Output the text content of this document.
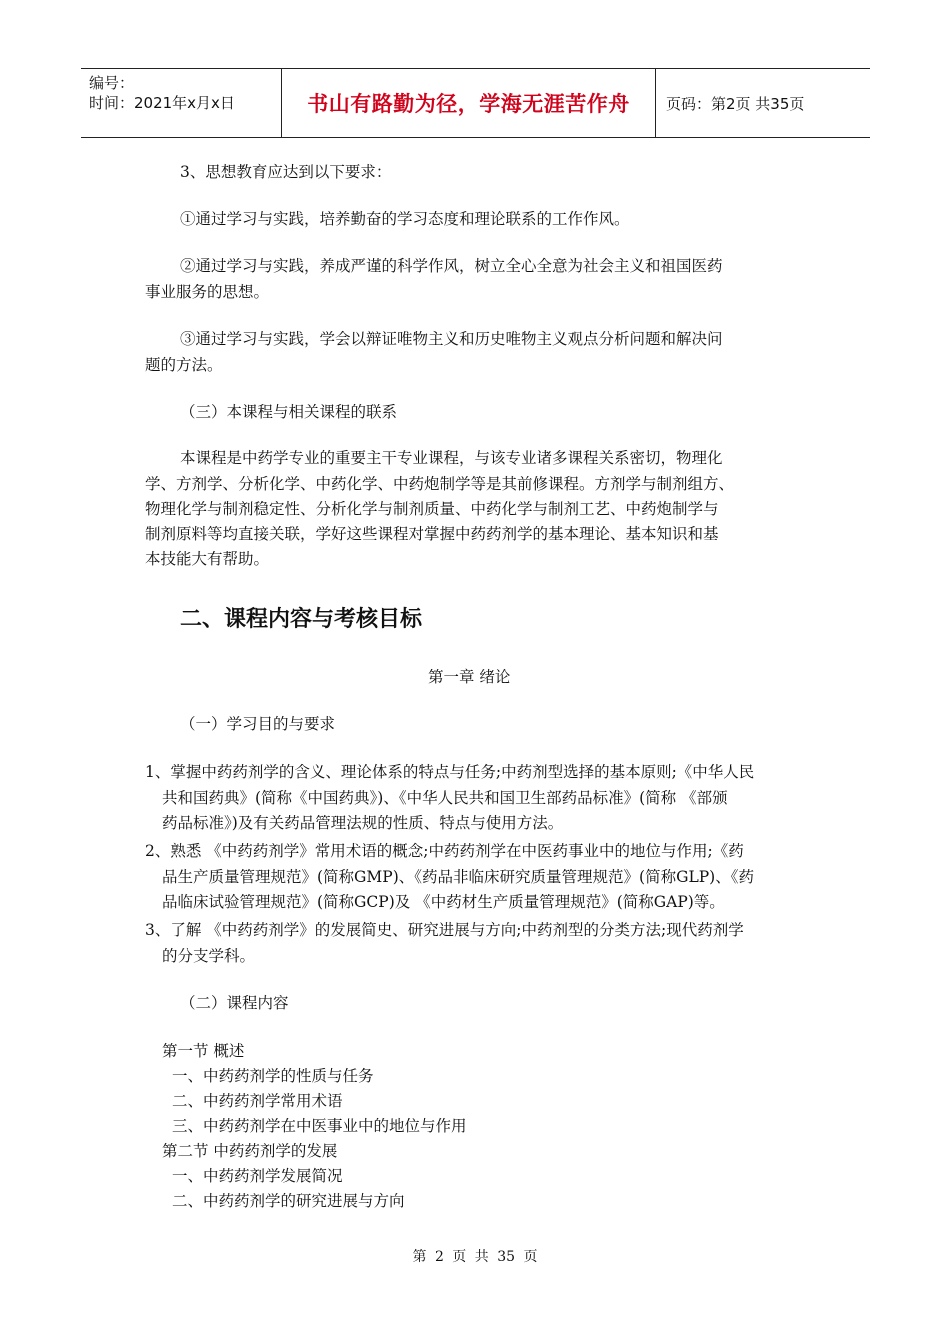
编号：
时间：2021年x月x日	书山有路勤为径，学海无涯苦作舟	页码：第2页 共35页
3、思想教育应达到以下要求：
①通过学习与实践，培养勤奋的学习态度和理论联系的工作作风。
②通过学习与实践，养成严谨的科学作风，树立全心全意为社会主义和祖国医药
事业服务的思想。
③通过学习与实践，学会以辩证唯物主义和历史唯物主义观点分析问题和解决问
题的方法。
（三）本课程与相关课程的联系
本课程是中药学专业的重要主干专业课程，与该专业诸多课程关系密切，物理化
学、方剂学、分析化学、中药化学、中药炮制学等是其前修课程。方剂学与制剂组方、
物理化学与制剂稳定性、分析化学与制剂质量、中药化学与制剂工艺、中药炮制学与
制剂原料等均直接关联，学好这些课程对掌握中药药剂学的基本理论、基本知识和基
本技能大有帮助。
二、课程内容与考核目标
第一章 绪论
（一）学习目的与要求
1、掌握中药药剂学的含义、理论体系的特点与任务;中药剂型选择的基本原则;《中华人民
共和国药典》(简称《中国药典》)、《中华人民共和国卫生部药品标准》(简称 《部颁
药品标准》)及有关药品管理法规的性质、特点与使用方法。
2、熟悉 《中药药剂学》常用术语的概念;中药药剂学在中医药事业中的地位与作用;《药
品生产质量管理规范》(简称GMP)、《药品非临床研究质量管理规范》(简称GLP)、《药
品临床试验管理规范》(简称GCP)及 《中药材生产质量管理规范》(简称GAP)等。
3、了解 《中药药剂学》的发展简史、研究进展与方向;中药剂型的分类方法;现代药剂学
的分支学科。
（二）课程内容
第一节 概述
一、中药药剂学的性质与任务
二、中药药剂学常用术语
三、中药药剂学在中医事业中的地位与作用
第二节 中药药剂学的发展
一、中药药剂学发展简况
二、中药药剂学的研究进展与方向
第 2 页 共 35 页
